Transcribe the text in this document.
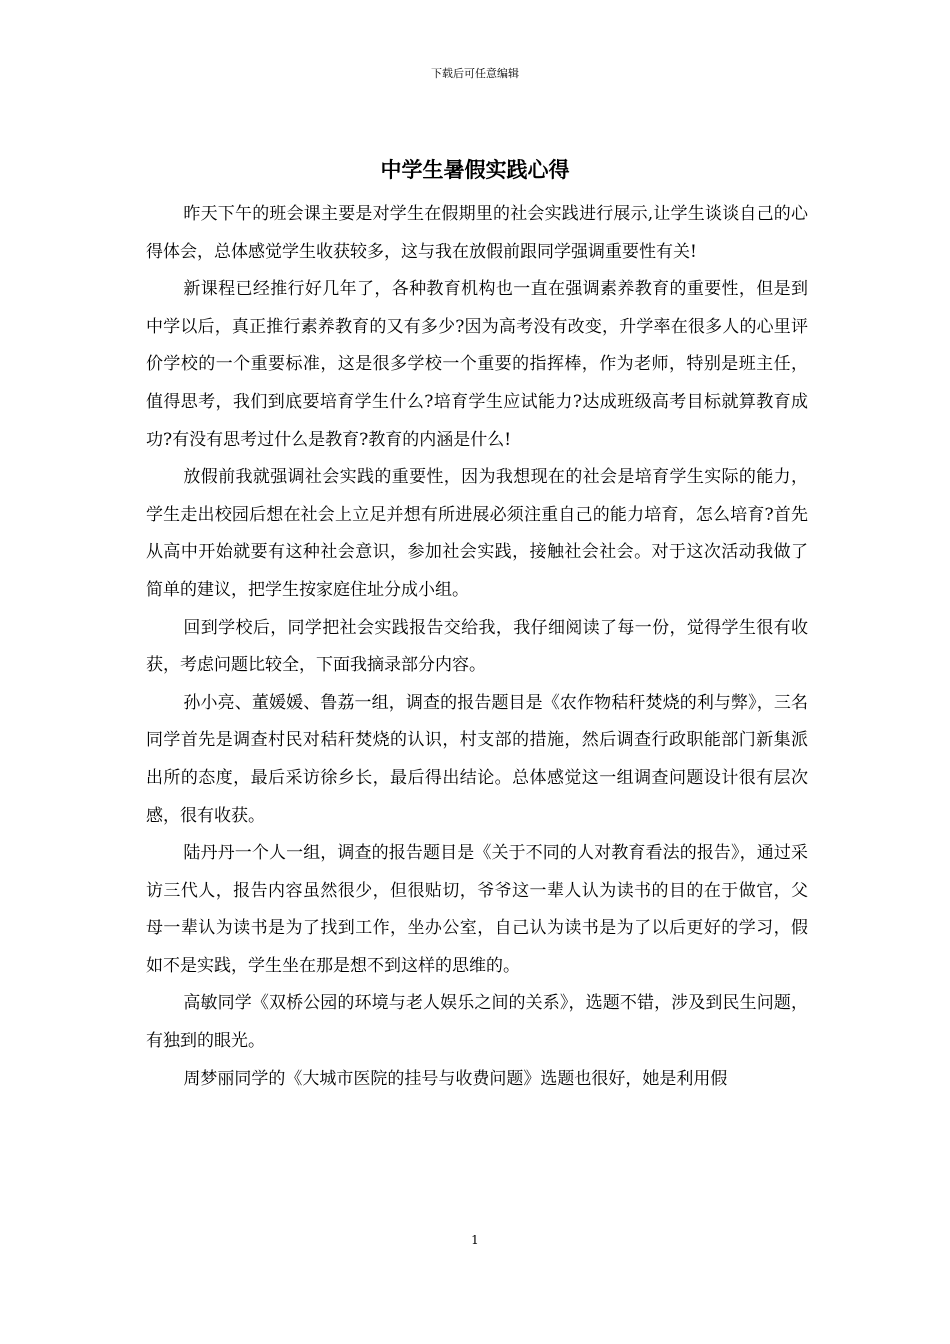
下载后可任意编辑
中学生暑假实践心得

昨天下午的班会课主要是对学生在假期里的社会实践进行展示,让学生谈谈自己的心得体会，总体感觉学生收获较多，这与我在放假前跟同学强调重要性有关!

新课程已经推行好几年了，各种教育机构也一直在强调素养教育的重要性，但是到中学以后，真正推行素养教育的又有多少?因为高考没有改变，升学率在很多人的心里评价学校的一个重要标准，这是很多学校一个重要的指挥棒，作为老师，特别是班主任，值得思考，我们到底要培育学生什么?培育学生应试能力?达成班级高考目标就算教育成功?有没有思考过什么是教育?教育的内涵是什么!

放假前我就强调社会实践的重要性，因为我想现在的社会是培育学生实际的能力，学生走出校园后想在社会上立足并想有所进展必须注重自己的能力培育，怎么培育?首先从高中开始就要有这种社会意识，参加社会实践，接触社会社会。对于这次活动我做了简单的建议，把学生按家庭住址分成小组。

回到学校后，同学把社会实践报告交给我，我仔细阅读了每一份，觉得学生很有收获，考虑问题比较全，下面我摘录部分内容。

孙小亮、董媛媛、鲁荔一组，调查的报告题目是《农作物秸秆焚烧的利与弊》，三名同学首先是调查村民对秸秆焚烧的认识，村支部的措施，然后调查行政职能部门新集派出所的态度，最后采访徐乡长，最后得出结论。总体感觉这一组调查问题设计很有层次感，很有收获。

陆丹丹一个人一组，调查的报告题目是《关于不同的人对教育看法的报告》，通过采访三代人，报告内容虽然很少，但很贴切，爷爷这一辈人认为读书的目的在于做官，父母一辈认为读书是为了找到工作，坐办公室，自己认为读书是为了以后更好的学习，假如不是实践，学生坐在那是想不到这样的思维的。

高敏同学《双桥公园的环境与老人娱乐之间的关系》，选题不错，涉及到民生问题，有独到的眼光。

周梦丽同学的《大城市医院的挂号与收费问题》选题也很好，她是利用假

1
